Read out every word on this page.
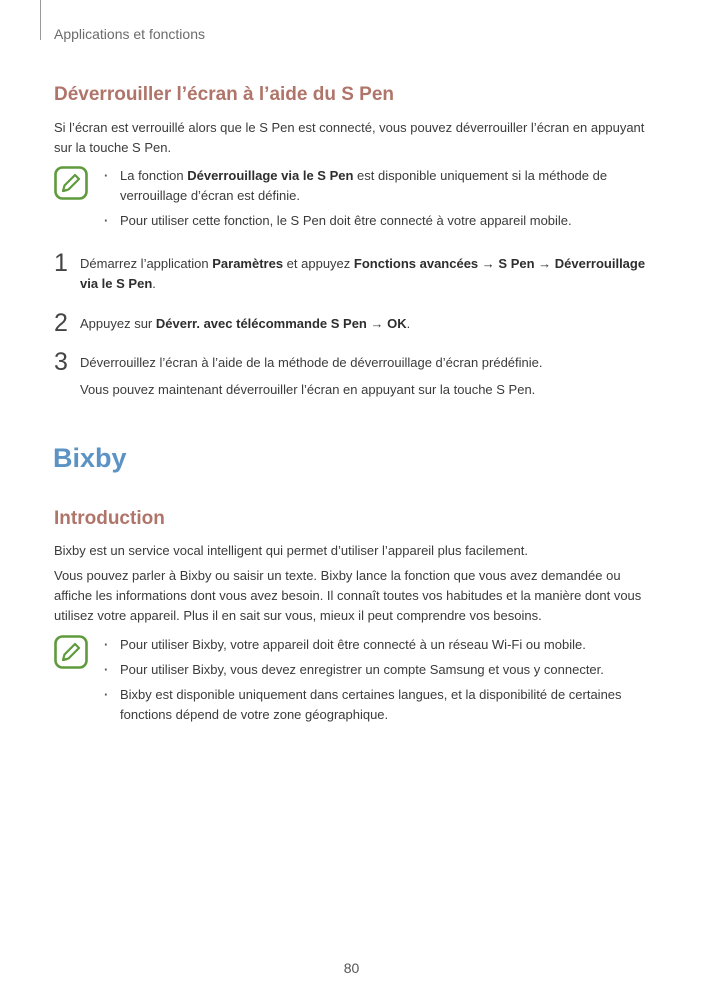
Applications et fonctions
Déverrouiller l’écran à l’aide du S Pen

Si l’écran est verrouillé alors que le S Pen est connecté, vous pouvez déverrouiller l’écran en appuyant sur la touche S Pen.

· La fonction Déverrouillage via le S Pen est disponible uniquement si la méthode de verrouillage d’écran est définie.
· Pour utiliser cette fonction, le S Pen doit être connecté à votre appareil mobile.
1 Démarrez l’application Paramètres et appuyez Fonctions avancées → S Pen → Déverrouillage via le S Pen.

2 Appuyez sur Déverr. avec télécommande S Pen → OK.

3 Déverrouillez l’écran à l’aide de la méthode de déverrouillage d’écran prédéfinie.

Vous pouvez maintenant déverrouiller l’écran en appuyant sur la touche S Pen.

Bixby
Introduction

Bixby est un service vocal intelligent qui permet d’utiliser l’appareil plus facilement.

Vous pouvez parler à Bixby ou saisir un texte. Bixby lance la fonction que vous avez demandée ou affiche les informations dont vous avez besoin. Il connaît toutes vos habitudes et la manière dont vous utilisez votre appareil. Plus il en sait sur vous, mieux il peut comprendre vos besoins.

· Pour utiliser Bixby, votre appareil doit être connecté à un réseau Wi-Fi ou mobile.
· Pour utiliser Bixby, vous devez enregistrer un compte Samsung et vous y connecter.
· Bixby est disponible uniquement dans certaines langues, et la disponibilité de certaines fonctions dépend de votre zone géographique.
80
